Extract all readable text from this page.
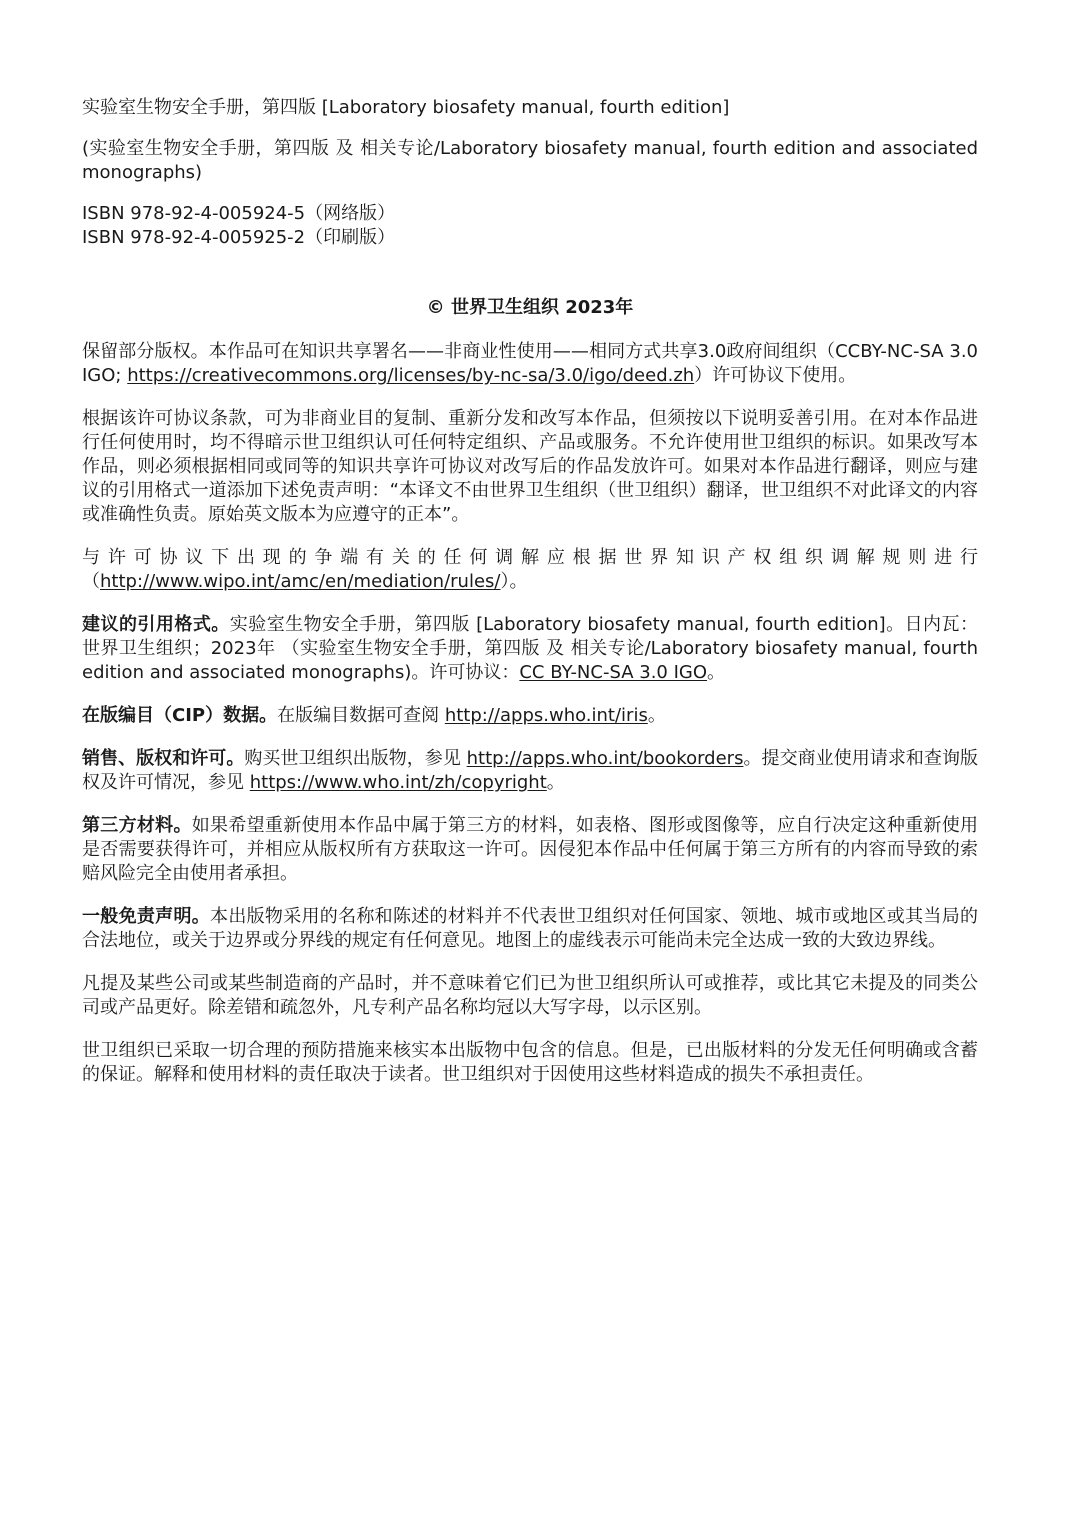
实验室生物安全手册，第四版 [Laboratory biosafety manual, fourth edition]

(实验室生物安全手册，第四版 及 相关专论/Laboratory biosafety manual, fourth edition and associated monographs)

ISBN 978-92-4-005924-5（网络版）

ISBN 978-92-4-005925-2（印刷版）

© 世界卫生组织 2023年

保留部分版权。本作品可在知识共享署名——非商业性使用——相同方式共享3.0政府间组织（CCBY-NC-SA 3.0 IGO; https://creativecommons.org/licenses/by-nc-sa/3.0/igo/deed.zh）许可协议下使用。

根据该许可协议条款，可为非商业目的复制、重新分发和改写本作品，但须按以下说明妥善引用。在对本作品进行任何使用时，均不得暗示世卫组织认可任何特定组织、产品或服务。不允许使用世卫组织的标识。如果改写本作品，则必须根据相同或同等的知识共享许可协议对改写后的作品发放许可。如果对本作品进行翻译，则应与建议的引用格式一道添加下述免责声明：“本译文不由世界卫生组织（世卫组织）翻译，世卫组织不对此译文的内容或准确性负责。原始英文版本为应遵守的正本”。

与许可协议下出现的争端有关的任何调解应根据世界知识产权组织调解规则进行 （http://www.wipo.int/amc/en/mediation/rules/）。

建议的引用格式。实验室生物安全手册，第四版 [Laboratory biosafety manual, fourth edition]。日内瓦：世界卫生组织；2023年 （实验室生物安全手册，第四版 及 相关专论/Laboratory biosafety manual, fourth edition and associated monographs)。许可协议：CC BY-NC-SA 3.0 IGO。

在版编目（CIP）数据。在版编目数据可查阅 http://apps.who.int/iris。

销售、版权和许可。购买世卫组织出版物，参见 http://apps.who.int/bookorders。提交商业使用请求和查询版权及许可情况，参见 https://www.who.int/zh/copyright。

第三方材料。如果希望重新使用本作品中属于第三方的材料，如表格、图形或图像等，应自行决定这种重新使用是否需要获得许可，并相应从版权所有方获取这一许可。因侵犯本作品中任何属于第三方所有的内容而导致的索赔风险完全由使用者承担。

一般免责声明。本出版物采用的名称和陈述的材料并不代表世卫组织对任何国家、领地、城市或地区或其当局的合法地位，或关于边界或分界线的规定有任何意见。地图上的虚线表示可能尚未完全达成一致的大致边界线。

凡提及某些公司或某些制造商的产品时，并不意味着它们已为世卫组织所认可或推荐，或比其它未提及的同类公司或产品更好。除差错和疏忽外，凡专利产品名称均冠以大写字母，以示区别。

世卫组织已采取一切合理的预防措施来核实本出版物中包含的信息。但是，已出版材料的分发无任何明确或含蓄的保证。解释和使用材料的责任取决于读者。世卫组织对于因使用这些材料造成的损失不承担责任。
